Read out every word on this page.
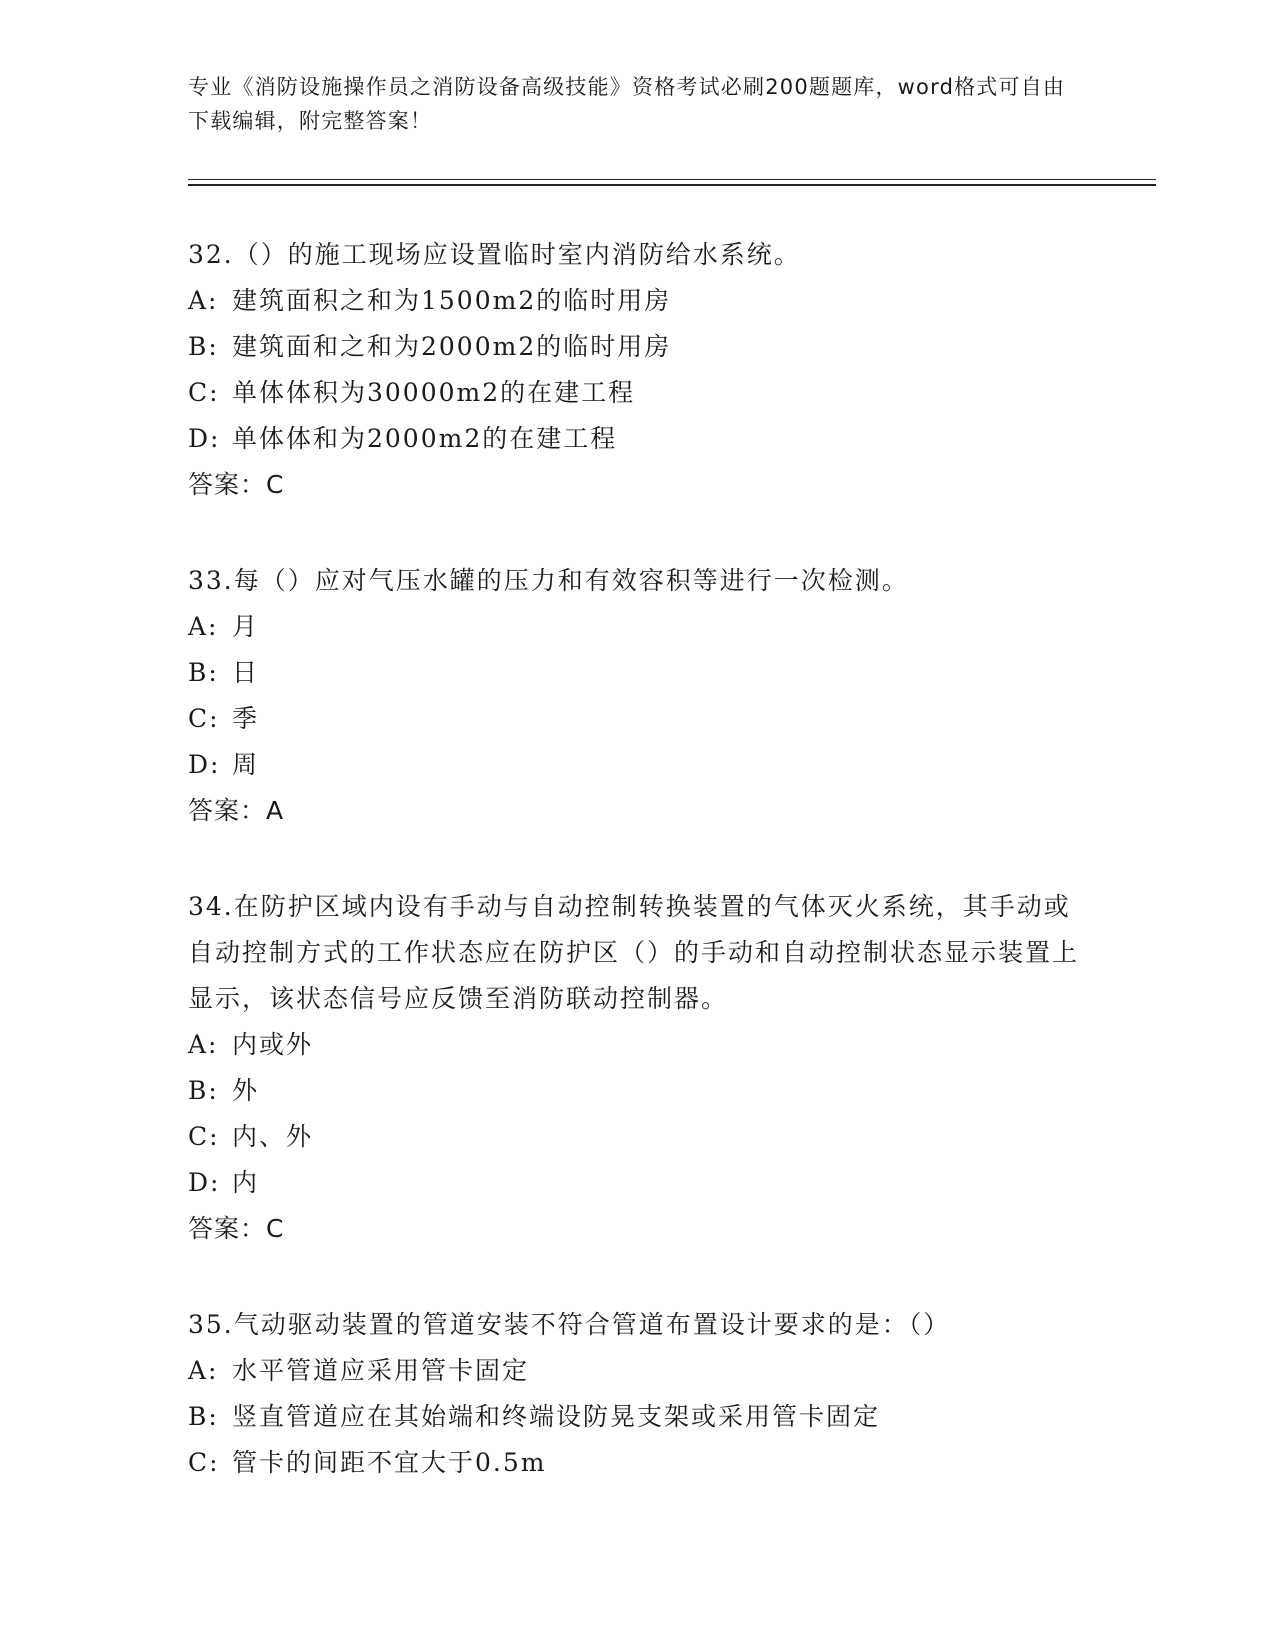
专业《消防设施操作员之消防设备高级技能》资格考试必刷200题题库，word格式可自由下载编辑，附完整答案！

32.（）的施工现场应设置临时室内消防给水系统。

A: 建筑面积之和为1500m2的临时用房
B: 建筑面和之和为2000m2的临时用房
C: 单体体积为30000m2的在建工程
D: 单体体和为2000m2的在建工程
答案：C

33.每（）应对气压水罐的压力和有效容积等进行一次检测。

A: 月
B: 日
C: 季
D: 周
答案：A

34.在防护区域内设有手动与自动控制转换装置的气体灭火系统，其手动或自动控制方式的工作状态应在防护区（）的手动和自动控制状态显示装置上显示，该状态信号应反馈至消防联动控制器。

A: 内或外
B: 外
C: 内、外
D: 内
答案：C

35.气动驱动装置的管道安装不符合管道布置设计要求的是：（）

A: 水平管道应采用管卡固定
B: 竖直管道应在其始端和终端设防晃支架或采用管卡固定
C: 管卡的间距不宜大于0.5m
